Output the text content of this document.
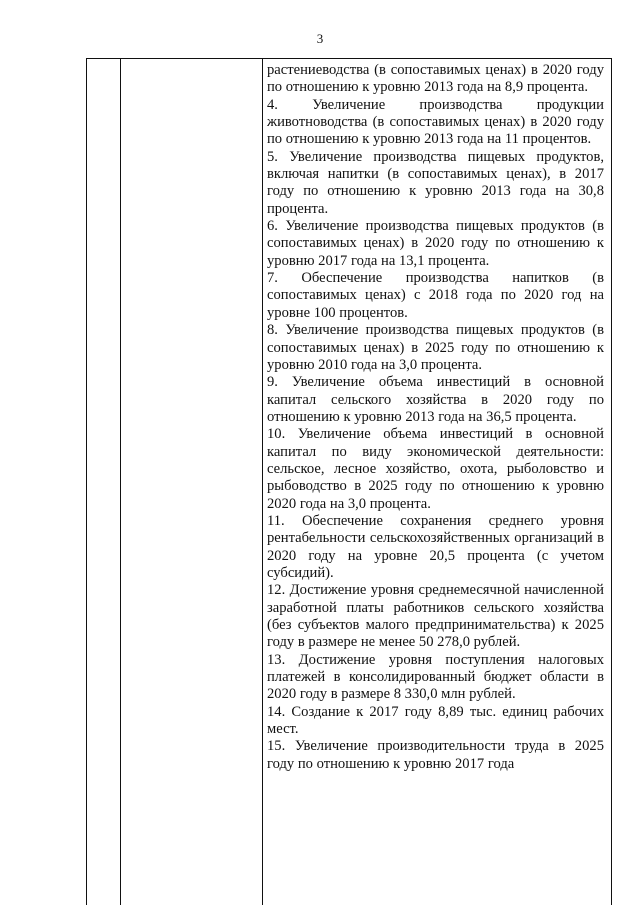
3

растениеводства (в сопоставимых ценах) в 2020 году по отношению к уровню 2013 года на 8,9 процента.

4. Увеличение производства продукции животноводства (в сопоставимых ценах) в 2020 году по отношению к уровню 2013 года на 11 процентов.

5. Увеличение производства пищевых продуктов, включая напитки (в сопоставимых ценах), в 2017 году по отношению к уровню 2013 года на 30,8 процента.

6. Увеличение производства пищевых продуктов (в сопоставимых ценах) в 2020 году по отношению к уровню 2017 года на 13,1 процента.

7. Обеспечение производства напитков (в сопоставимых ценах) с 2018 года по 2020 год на уровне 100 процентов.

8. Увеличение производства пищевых продуктов (в сопоставимых ценах) в 2025 году по отношению к уровню 2010 года на 3,0 процента.

9. Увеличение объема инвестиций в основной капитал сельского хозяйства в 2020 году по отношению к уровню 2013 года на 36,5 процента.

10. Увеличение объема инвестиций в основной капитал по виду экономической деятельности: сельское, лесное хозяйство, охота, рыболовство и рыбоводство в 2025 году по отношению к уровню 2020 года на 3,0 процента.

11. Обеспечение сохранения среднего уровня рентабельности сельскохозяйственных организаций в 2020 году на уровне 20,5 процента (с учетом субсидий).

12. Достижение уровня среднемесячной начисленной заработной платы работников сельского хозяйства (без субъектов малого предпринимательства) к 2025 году в размере не менее 50 278,0 рублей.

13. Достижение уровня поступления налоговых платежей в консолидированный бюджет области в 2020 году в размере 8 330,0 млн рублей.

14. Создание к 2017 году 8,89 тыс. единиц рабочих мест.

15. Увеличение производительности труда в 2025 году по отношению к уровню 2017 года
